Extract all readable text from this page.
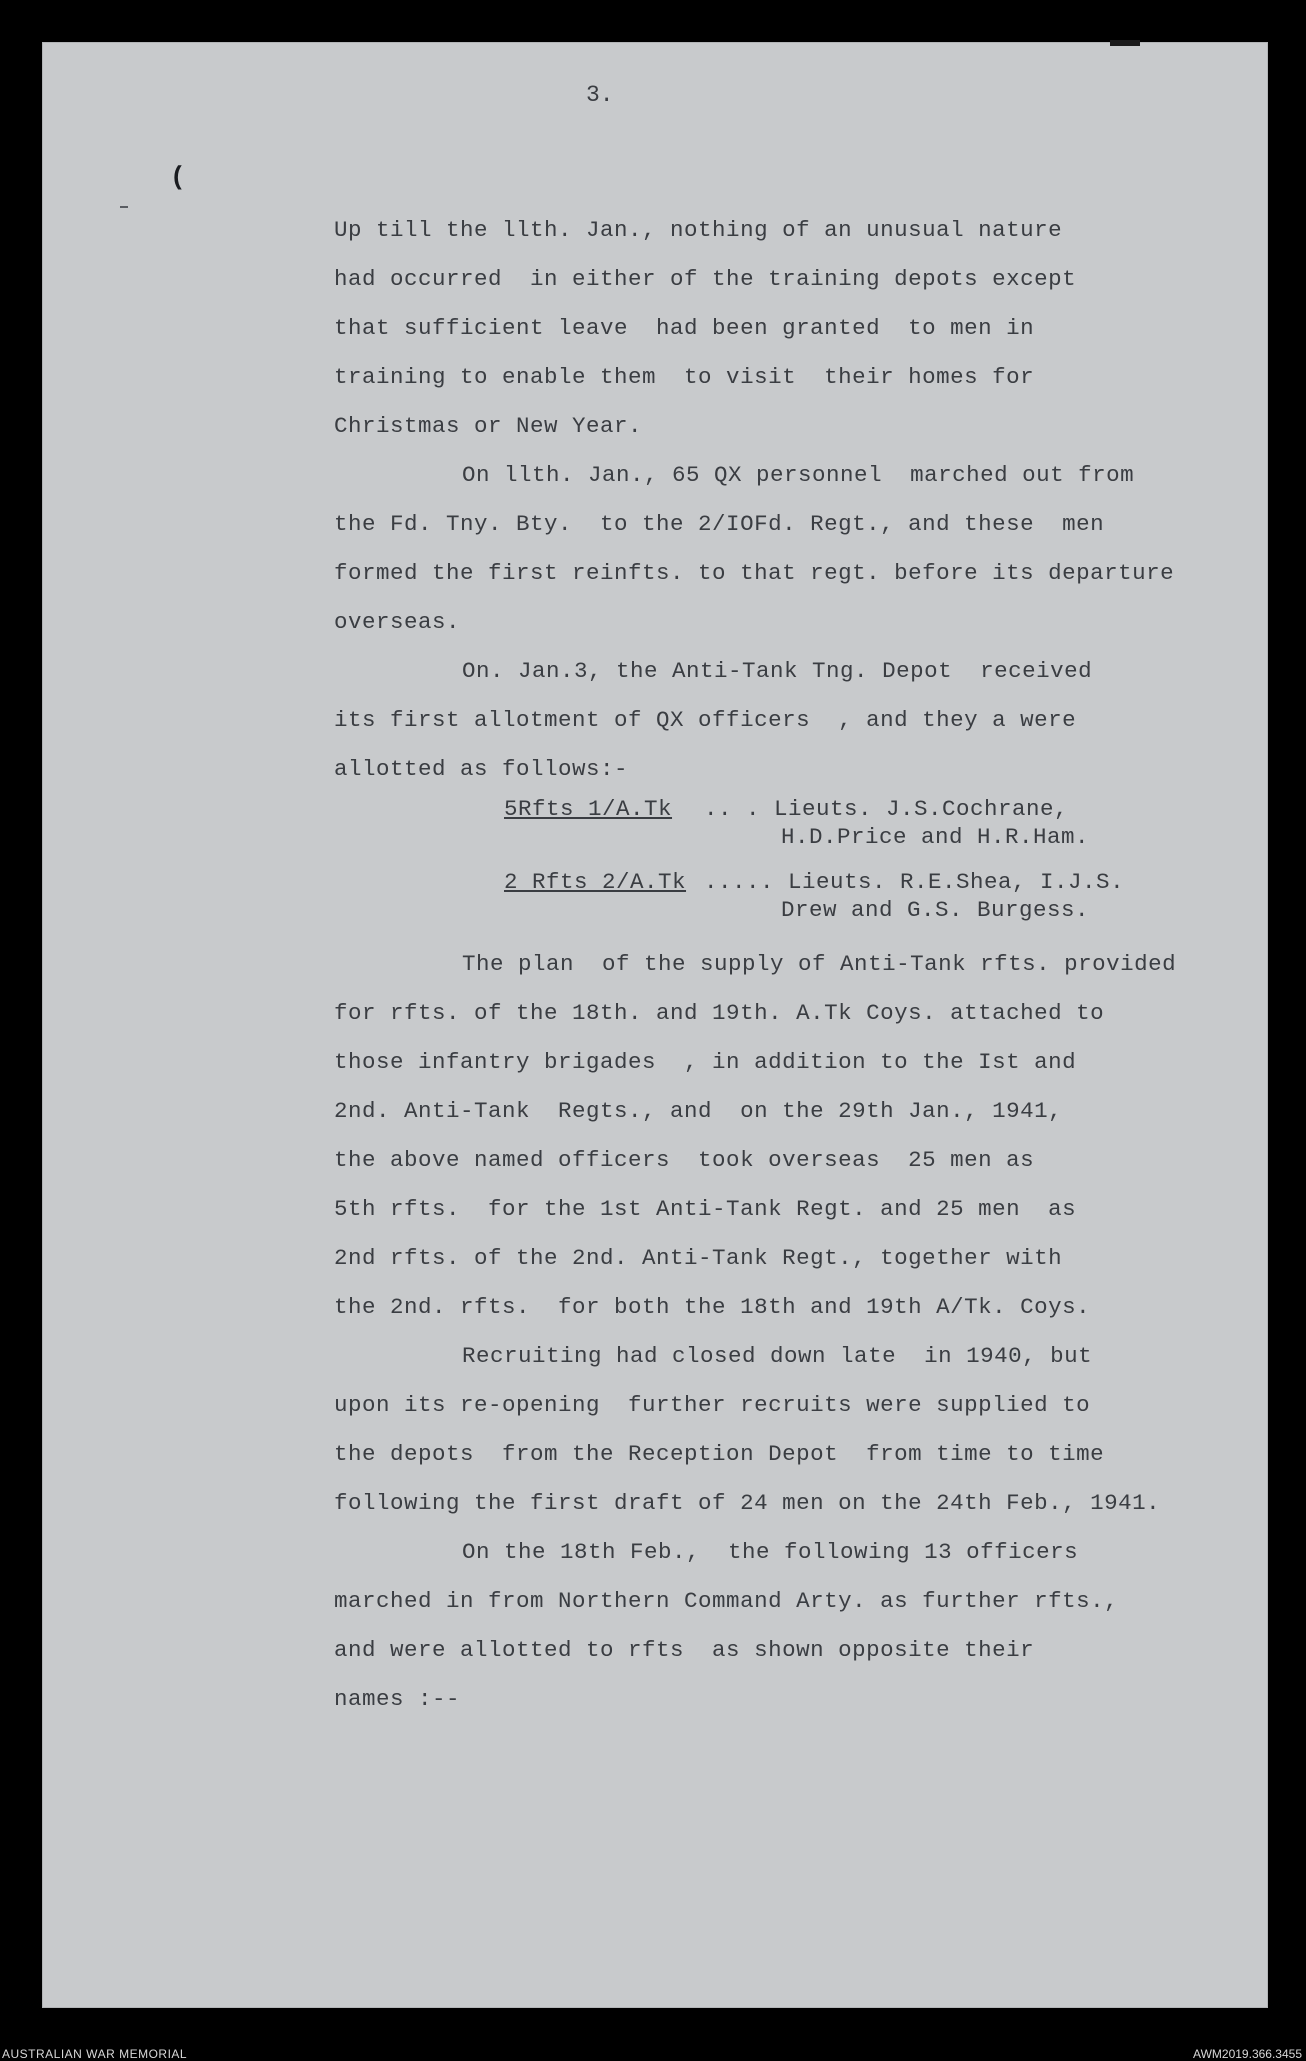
3.
(
Up till the llth. Jan., nothing of an unusual nature
had occurred  in either of the training depots except
that sufficient leave  had been granted  to men in
training to enable them  to visit  their homes for
Christmas or New Year.
On llth. Jan., 65 QX personnel  marched out from
the Fd. Tny. Bty.  to the 2/IOFd. Regt., and these  men
formed the first reinfts. to that regt. before its departure
overseas.
On. Jan.3, the Anti-Tank Tng. Depot  received
its first allotment of QX officers  , and they a were
allotted as follows:-
5Rfts 1/A.Tk .. . Lieuts. J.S.Cochrane,
H.D.Price and H.R.Ham.
2 Rfts 2/A.Tk ..... Lieuts. R.E.Shea, I.J.S.
Drew and G.S. Burgess.
The plan  of the supply of Anti-Tank rfts. provided
for rfts. of the 18th. and 19th. A.Tk Coys. attached to
those infantry brigades  , in addition to the Ist and
2nd. Anti-Tank  Regts., and  on the 29th Jan., 1941,
the above named officers  took overseas  25 men as
5th rfts.  for the 1st Anti-Tank Regt. and 25 men  as
2nd rfts. of the 2nd. Anti-Tank Regt., together with
the 2nd. rfts.  for both the 18th and 19th A/Tk. Coys.
Recruiting had closed down late  in 1940, but
upon its re-opening  further recruits were supplied to
the depots  from the Reception Depot  from time to time
following the first draft of 24 men on the 24th Feb., 1941.
On the 18th Feb.,  the following 13 officers
marched in from Northern Command Arty. as further rfts.,
and were allotted to rfts  as shown opposite their
names :--
AUSTRALIAN WAR MEMORIAL	AWM2019.366.3455
